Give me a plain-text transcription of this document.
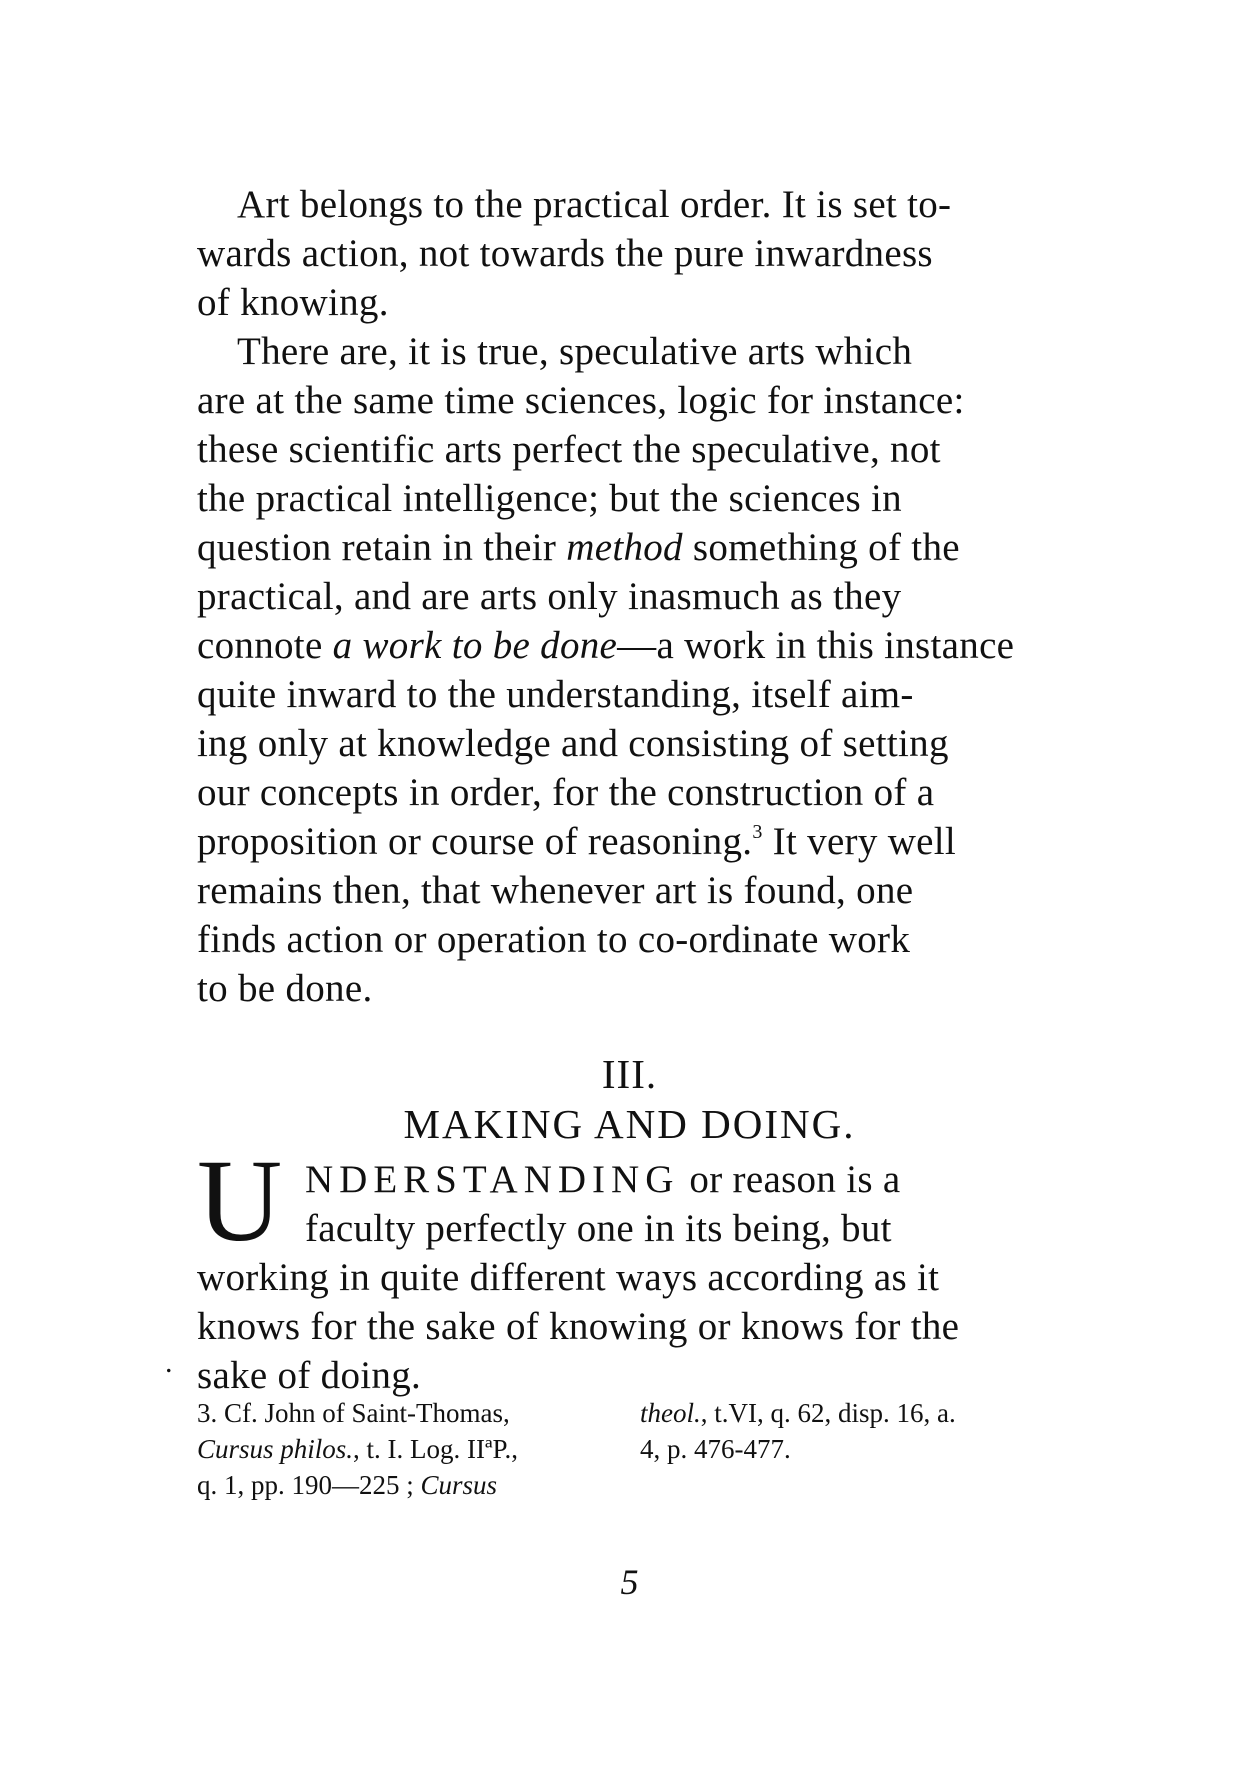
Art belongs to the practical order. It is set to-
wards action, not towards the pure inwardness
of knowing.
There are, it is true, speculative arts which
are at the same time sciences, logic for instance:
these scientific arts perfect the speculative, not
the practical intelligence; but the sciences in
question retain in their method something of the
practical, and are arts only inasmuch as they
connote a work to be done—a work in this instance
quite inward to the understanding, itself aim-
ing only at knowledge and consisting of setting
our concepts in order, for the construction of a
proposition or course of reasoning.$^3$ It very well
remains then, that whenever art is found, one
finds action or operation to co-ordinate work
to be done.
III.
MAKING AND DOING.
U NDERSTANDING or reason is a
faculty perfectly one in its being, but
working in quite different ways according as it
knows for the sake of knowing or knows for the
sake of doing.
.
3. Cf. John of Saint-Thomas,
Cursus philos., t. I. Log. IIªP.,
q. 1, pp. 190—225 ; Cursus
theol., t.VI, q. 62, disp. 16, a.
4, p. 476-477.
5
